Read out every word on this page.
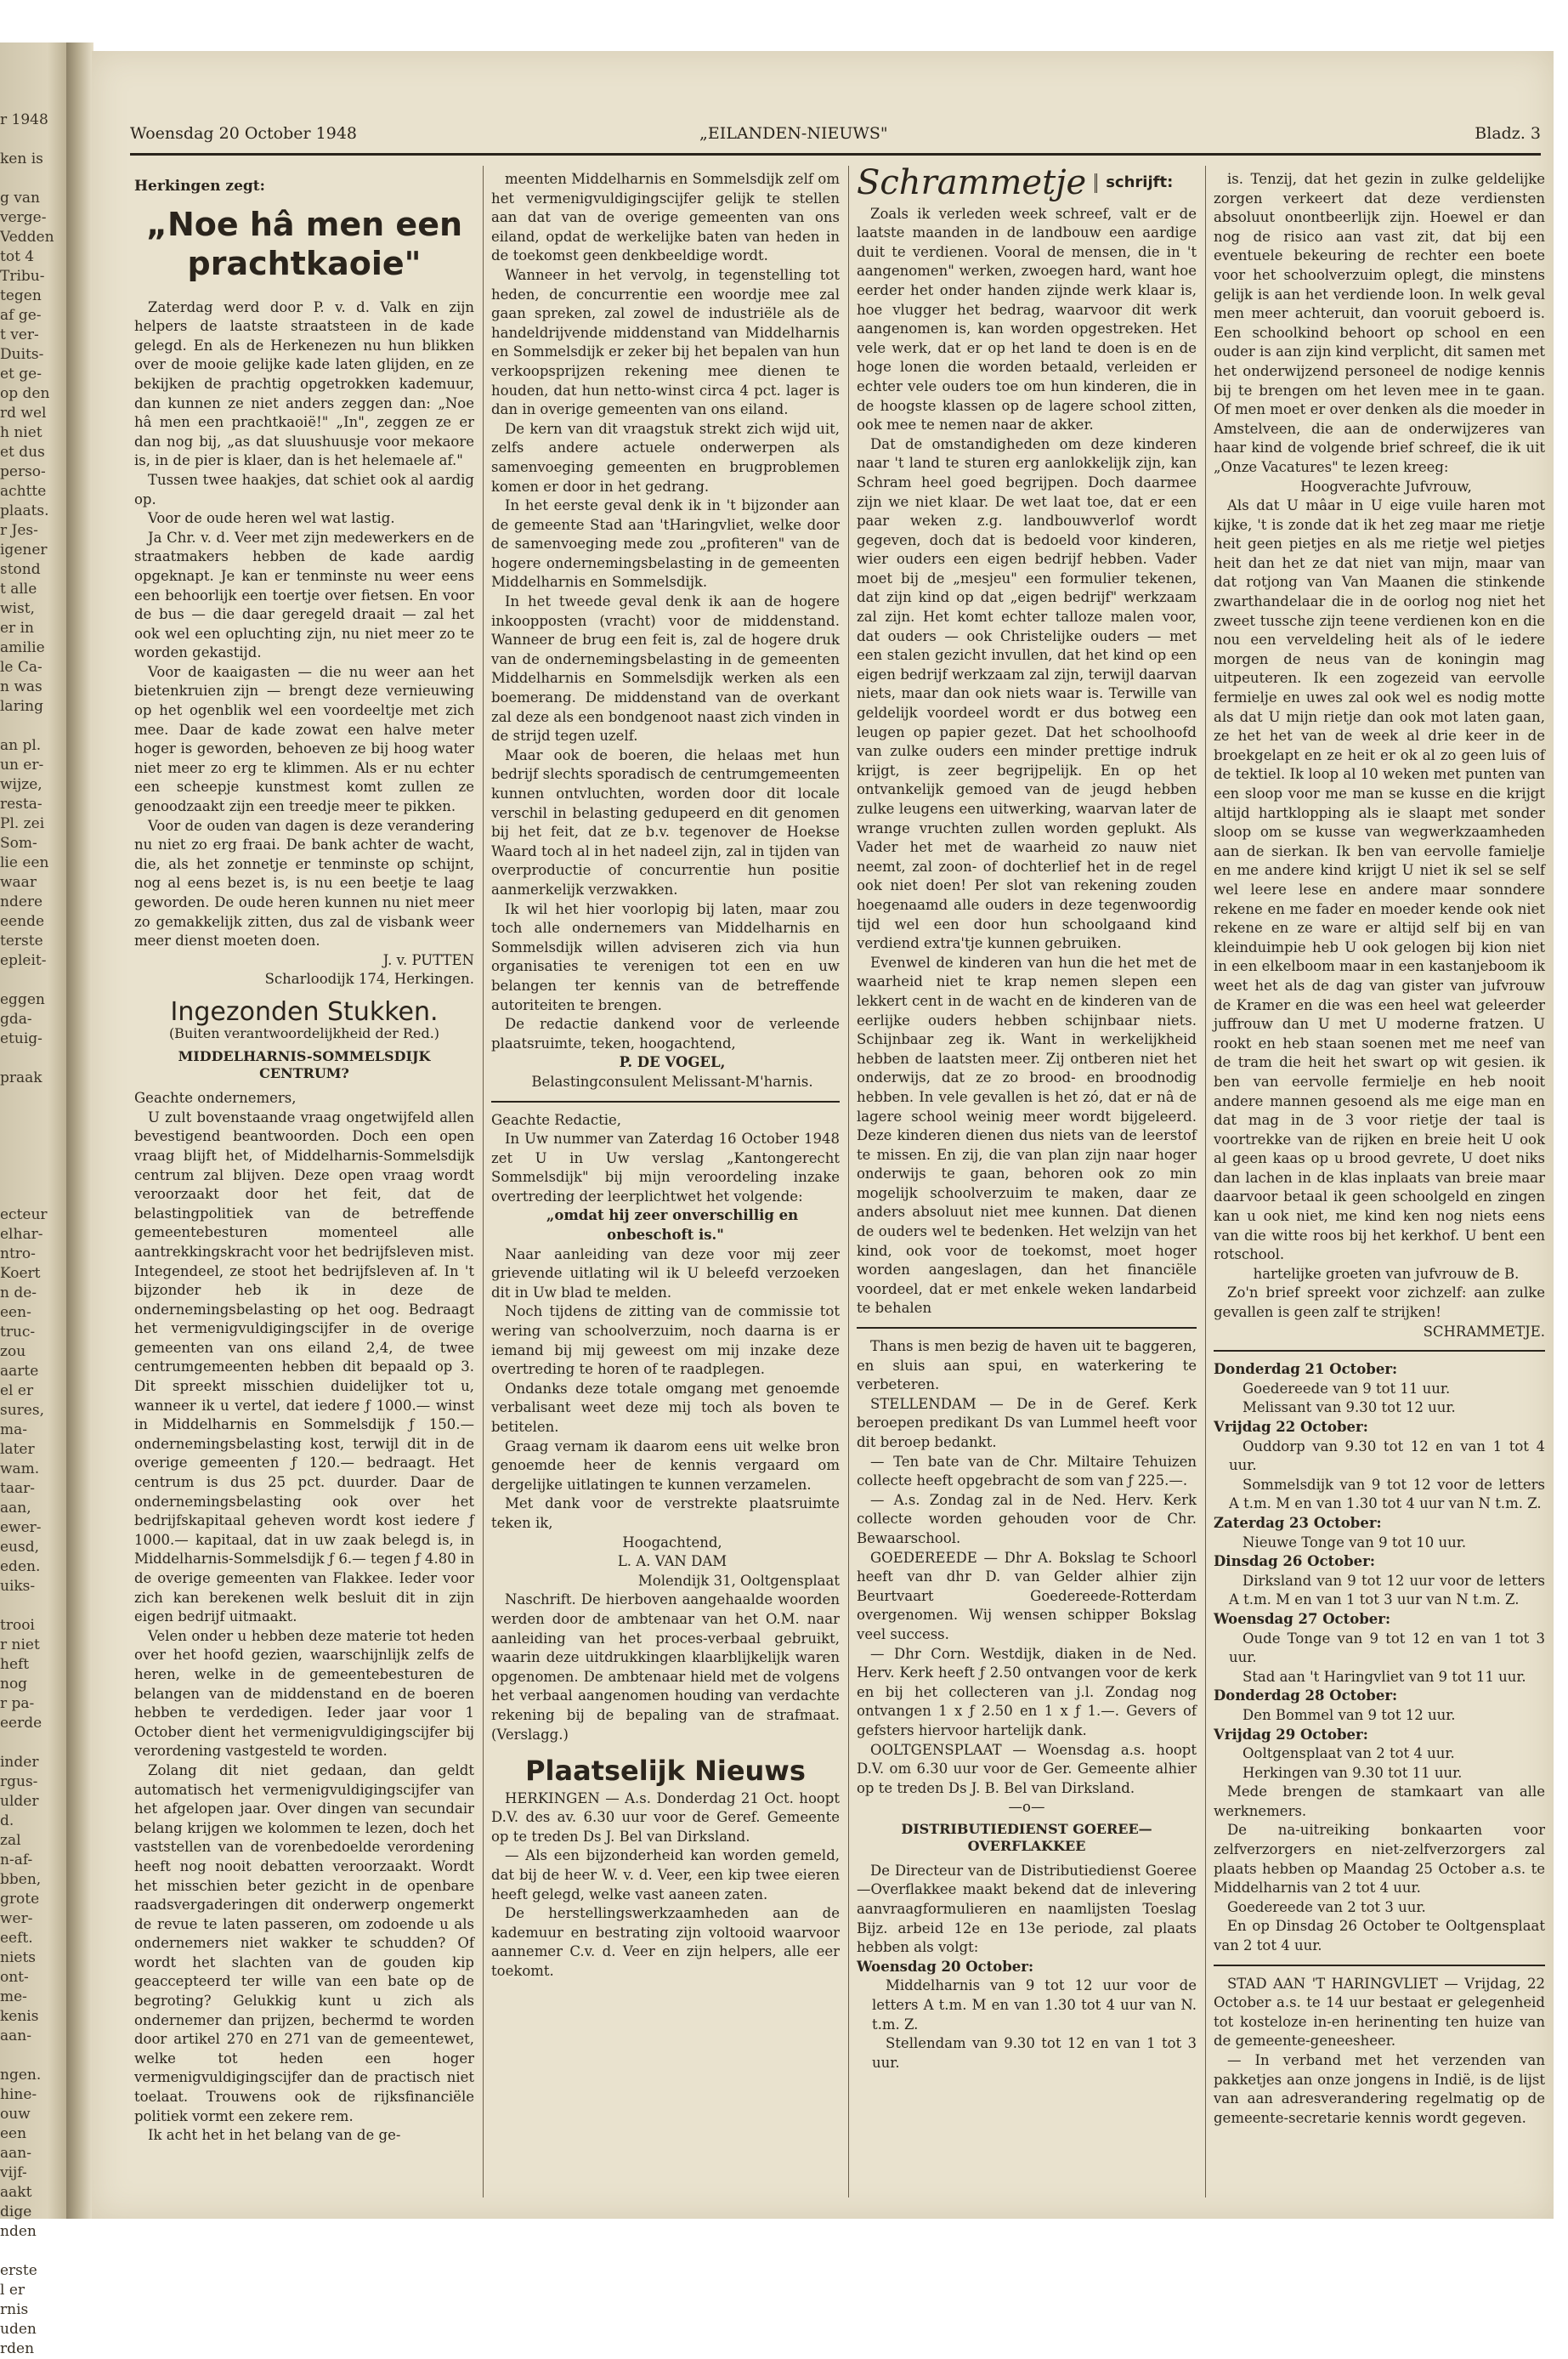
r 1948
ken is
g van
verge-
Vedden
tot 4
Tribu-
tegen
af ge-
t ver-
Duits-
et ge-
op den
rd wel
h niet
et dus
perso-
achtte
plaats.
r Jes-
igener
stond
t alle
wist,
er in
amilie
le Ca-
n was
laring
an pl.
un er-
wijze,
resta-
Pl. zei
Som-
lie een
waar
ndere
eende
terste
epleit-
eggen
gda-
etuig-
praak
ecteur
elhar-
ntro-
Koert
n de-
een-
truc-
zou
aarte
el er
sures,
ma-
later
wam.
taar-
aan,
ewer-
eusd,
eden.
uiks-
trooi
r niet
heft
nog
r pa-
eerde
inder
rgus-
ulder
d.
zal
n-af-
bben,
grote
wer-
eeft.
niets
ont-
me-
kenis
aan-
ngen.
hine-
ouw
een
aan-
vijf-
aakt
dige
nden
erste
l er
rnis
uden
rden
Woensdag 20 October 1948	„EILANDEN-NIEUWS"	Bladz. 3
Herkingen zegt:
„Noe hâ men een prachtkaoie"

Zaterdag werd door P. v. d. Valk en zijn helpers de laatste straatsteen in de kade gelegd. En als de Herkenezen nu hun blikken over de mooie gelijke kade laten glijden, en ze bekijken de prachtig opgetrokken kademuur, dan kunnen ze niet anders zeggen dan: „Noe hâ men een prachtkaoië!" „In", zeggen ze er dan nog bij, „as dat sluushuusje voor mekaore is, in de pier is klaer, dan is het helemaele af."

Tussen twee haakjes, dat schiet ook al aardig op.

Voor de oude heren wel wat lastig.

Ja Chr. v. d. Veer met zijn medewerkers en de straatmakers hebben de kade aardig opgeknapt. Je kan er tenminste nu weer eens een behoorlijk een toertje over fietsen. En voor de bus — die daar geregeld draait — zal het ook wel een opluchting zijn, nu niet meer zo te worden gekastijd.

Voor de kaaigasten — die nu weer aan het bietenkruien zijn — brengt deze vernieuwing op het ogenblik wel een voordeeltje met zich mee. Daar de kade zowat een halve meter hoger is geworden, behoeven ze bij hoog water niet meer zo erg te klimmen. Als er nu echter een scheepje kunstmest komt zullen ze genoodzaakt zijn een treedje meer te pikken.

Voor de ouden van dagen is deze verandering nu niet zo erg fraai. De bank achter de wacht, die, als het zonnetje er tenminste op schijnt, nog al eens bezet is, is nu een beetje te laag geworden. De oude heren kunnen nu niet meer zo gemakkelijk zitten, dus zal de visbank weer meer dienst moeten doen.

J. v. PUTTEN

Scharloodijk 174, Herkingen.

Ingezonden Stukken.
(Buiten verantwoordelijkheid der Red.)
MIDDELHARNIS-SOMMELSDIJK CENTRUM?

Geachte ondernemers,

U zult bovenstaande vraag ongetwijfeld allen bevestigend beantwoorden. Doch een open vraag blijft het, of Middelharnis-Sommelsdijk centrum zal blijven. Deze open vraag wordt veroorzaakt door het feit, dat de belastingpolitiek van de betreffende gemeentebesturen momenteel alle aantrekkingskracht voor het bedrijfsleven mist. Integendeel, ze stoot het bedrijfsleven af. In 't bijzonder heb ik in deze de ondernemingsbelasting op het oog. Bedraagt het vermenigvuldigingscijfer in de overige gemeenten van ons eiland 2,4, de twee centrumgemeenten hebben dit bepaald op 3. Dit spreekt misschien duidelijker tot u, wanneer ik u vertel, dat iedere ƒ 1000.— winst in Middelharnis en Sommelsdijk ƒ 150.— ondernemingsbelasting kost, terwijl dit in de overige gemeenten ƒ 120.— bedraagt. Het centrum is dus 25 pct. duurder. Daar de ondernemingsbelasting ook over het bedrijfskapitaal geheven wordt kost iedere ƒ 1000.— kapitaal, dat in uw zaak belegd is, in Middelharnis-Sommelsdijk ƒ 6.— tegen ƒ 4.80 in de overige gemeenten van Flakkee. Ieder voor zich kan berekenen welk besluit dit in zijn eigen bedrijf uitmaakt.

Velen onder u hebben deze materie tot heden over het hoofd gezien, waarschijnlijk zelfs de heren, welke in de gemeentebesturen de belangen van de middenstand en de boeren hebben te verdedigen. Ieder jaar voor 1 October dient het vermenigvuldigingscijfer bij verordening vastgesteld te worden.

Zolang dit niet gedaan, dan geldt automatisch het vermenigvuldigingscijfer van het afgelopen jaar. Over dingen van secundair belang krijgen we kolommen te lezen, doch het vaststellen van de vorenbedoelde verordening heeft nog nooit debatten veroorzaakt. Wordt het misschien beter gezicht in de openbare raadsvergaderingen dit onderwerp ongemerkt de revue te laten passeren, om zodoende u als ondernemers niet wakker te schudden? Of wordt het slachten van de gouden kip geaccepteerd ter wille van een bate op de begroting? Gelukkig kunt u zich als ondernemer dan prijzen, bechermd te worden door artikel 270 en 271 van de gemeentewet, welke tot heden een hoger vermenigvuldigingscijfer dan de practisch niet toelaat. Trouwens ook de rijksfinanciële politiek vormt een zekere rem.

Ik acht het in het belang van de ge-

meenten Middelharnis en Sommelsdijk zelf om het vermenigvuldigingscijfer gelijk te stellen aan dat van de overige gemeenten van ons eiland, opdat de werkelijke baten van heden in de toekomst geen denkbeeldige wordt.

Wanneer in het vervolg, in tegenstelling tot heden, de concurrentie een woordje mee zal gaan spreken, zal zowel de industriële als de handeldrijvende middenstand van Middelharnis en Sommelsdijk er zeker bij het bepalen van hun verkoopsprijzen rekening mee dienen te houden, dat hun netto-winst circa 4 pct. lager is dan in overige gemeenten van ons eiland.

De kern van dit vraagstuk strekt zich wijd uit, zelfs andere actuele onderwerpen als samenvoeging gemeenten en brugproblemen komen er door in het gedrang.

In het eerste geval denk ik in 't bijzonder aan de gemeente Stad aan 'tHaringvliet, welke door de samenvoeging mede zou „profiteren" van de hogere ondernemingsbelasting in de gemeenten Middelharnis en Sommelsdijk.

In het tweede geval denk ik aan de hogere inkoopposten (vracht) voor de middenstand. Wanneer de brug een feit is, zal de hogere druk van de ondernemingsbelasting in de gemeenten Middelharnis en Sommelsdijk werken als een boemerang. De middenstand van de overkant zal deze als een bondgenoot naast zich vinden in de strijd tegen uzelf.

Maar ook de boeren, die helaas met hun bedrijf slechts sporadisch de centrumgemeenten kunnen ontvluchten, worden door dit locale verschil in belasting gedupeerd en dit genomen bij het feit, dat ze b.v. tegenover de Hoekse Waard toch al in het nadeel zijn, zal in tijden van overproductie of concurrentie hun positie aanmerkelijk verzwakken.

Ik wil het hier voorlopig bij laten, maar zou toch alle ondernemers van Middelharnis en Sommelsdijk willen adviseren zich via hun organisaties te verenigen tot een en uw belangen ter kennis van de betreffende autoriteiten te brengen.

De redactie dankend voor de verleende plaatsruimte, teken, hoogachtend,

P. DE VOGEL,

Belastingconsulent Melissant-M'harnis.

Geachte Redactie,

In Uw nummer van Zaterdag 16 October 1948 zet U in Uw verslag „Kantongerecht Sommelsdijk" bij mijn veroordeling inzake overtreding der leerplichtwet het volgende:

„omdat hij zeer onverschillig en onbeschoft is."

Naar aanleiding van deze voor mij zeer grievende uitlating wil ik U beleefd verzoeken dit in Uw blad te melden.

Noch tijdens de zitting van de commissie tot wering van schoolverzuim, noch daarna is er iemand bij mij geweest om mij inzake deze overtreding te horen of te raadplegen.

Ondanks deze totale omgang met genoemde verbalisant weet deze mij toch als boven te betitelen.

Graag vernam ik daarom eens uit welke bron genoemde heer de kennis vergaard om dergelijke uitlatingen te kunnen verzamelen.

Met dank voor de verstrekte plaatsruimte teken ik,

Hoogachtend,

L. A. VAN DAM

Molendijk 31, Ooltgensplaat

Naschrift. De hierboven aangehaalde woorden werden door de ambtenaar van het O.M. naar aanleiding van het proces-verbaal gebruikt, waarin deze uitdrukkingen klaarblijkelijk waren opgenomen. De ambtenaar hield met de volgens het verbaal aangenomen houding van verdachte rekening bij de bepaling van de strafmaat. (Verslagg.)

Plaatselijk Nieuws

HERKINGEN — A.s. Donderdag 21 Oct. hoopt D.V. des av. 6.30 uur voor de Geref. Gemeente op te treden Ds J. Bel van Dirksland.

— Als een bijzonderheid kan worden gemeld, dat bij de heer W. v. d. Veer, een kip twee eieren heeft gelegd, welke vast aaneen zaten.

De herstellingswerkzaamheden aan de kademuur en bestrating zijn voltooid waarvoor aannemer C.v. d. Veer en zijn helpers, alle eer toekomt.

Schrammetje	schrijft:

Zoals ik verleden week schreef, valt er de laatste maanden in de landbouw een aardige duit te verdienen. Vooral de mensen, die in 't aangenomen" werken, zwoegen hard, want hoe eerder het onder handen zijnde werk klaar is, hoe vlugger het bedrag, waarvoor dit werk aangenomen is, kan worden opgestreken. Het vele werk, dat er op het land te doen is en de hoge lonen die worden betaald, verleiden er echter vele ouders toe om hun kinderen, die in de hoogste klassen op de lagere school zitten, ook mee te nemen naar de akker.

Dat de omstandigheden om deze kinderen naar 't land te sturen erg aanlokkelijk zijn, kan Schram heel goed begrijpen. Doch daarmee zijn we niet klaar. De wet laat toe, dat er een paar weken z.g. landbouwverlof wordt gegeven, doch dat is bedoeld voor kinderen, wier ouders een eigen bedrijf hebben. Vader moet bij de „mesjeu" een formulier tekenen, dat zijn kind op dat „eigen bedrijf" werkzaam zal zijn. Het komt echter talloze malen voor, dat ouders — ook Christelijke ouders — met een stalen gezicht invullen, dat het kind op een eigen bedrijf werkzaam zal zijn, terwijl daarvan niets, maar dan ook niets waar is. Terwille van geldelijk voordeel wordt er dus botweg een leugen op papier gezet. Dat het schoolhoofd van zulke ouders een minder prettige indruk krijgt, is zeer begrijpelijk. En op het ontvankelijk gemoed van de jeugd hebben zulke leugens een uitwerking, waarvan later de wrange vruchten zullen worden geplukt. Als Vader het met de waarheid zo nauw niet neemt, zal zoon- of dochterlief het in de regel ook niet doen! Per slot van rekening zouden hoegenaamd alle ouders in deze tegenwoordig tijd wel een door hun schoolgaand kind verdiend extra'tje kunnen gebruiken.

Evenwel de kinderen van hun die het met de waarheid niet te krap nemen slepen een lekkert cent in de wacht en de kinderen van de eerlijke ouders hebben schijnbaar niets. Schijnbaar zeg ik. Want in werkelijkheid hebben de laatsten meer. Zij ontberen niet het onderwijs, dat ze zo brood- en broodnodig hebben. In vele gevallen is het zó, dat er nâ de lagere school weinig meer wordt bijgeleerd. Deze kinderen dienen dus niets van de leerstof te missen. En zij, die van plan zijn naar hoger onderwijs te gaan, behoren ook zo min mogelijk schoolverzuim te maken, daar ze anders absoluut niet mee kunnen. Dat dienen de ouders wel te bedenken. Het welzijn van het kind, ook voor de toekomst, moet hoger worden aangeslagen, dan het financiële voordeel, dat er met enkele weken landarbeid te behalen

Thans is men bezig de haven uit te baggeren, en sluis aan spui, en waterkering te verbeteren.

STELLENDAM — De in de Geref. Kerk beroepen predikant Ds van Lummel heeft voor dit beroep bedankt.

— Ten bate van de Chr. Miltaire Tehuizen collecte heeft opgebracht de som van ƒ 225.—.

— A.s. Zondag zal in de Ned. Herv. Kerk collecte worden gehouden voor de Chr. Bewaarschool.

GOEDEREEDE — Dhr A. Bokslag te Schoorl heeft van dhr D. van Gelder alhier zijn Beurtvaart Goedereede-Rotterdam overgenomen. Wij wensen schipper Bokslag veel success.

— Dhr Corn. Westdijk, diaken in de Ned. Herv. Kerk heeft ƒ 2.50 ontvangen voor de kerk en bij het collecteren van j.l. Zondag nog ontvangen 1 x ƒ 2.50 en 1 x ƒ 1.—. Gevers of gefsters hiervoor hartelijk dank.

OOLTGENSPLAAT — Woensdag a.s. hoopt D.V. om 6.30 uur voor de Ger. Gemeente alhier op te treden Ds J. B. Bel van Dirksland.

—o—
DISTRIBUTIEDIENST GOEREE—OVERFLAKKEE

De Directeur van de Distributiedienst Goeree—Overflakkee maakt bekend dat de inlevering aanvraagformulieren en naamlijsten Toeslag Bijz. arbeid 12e en 13e periode, zal plaats hebben als volgt:

Woensdag 20 October:

Middelharnis van 9 tot 12 uur voor de letters A t.m. M en van 1.30 tot 4 uur van N. t.m. Z.

Stellendam van 9.30 tot 12 en van 1 tot 3 uur.

is. Tenzij, dat het gezin in zulke geldelijke zorgen verkeert dat deze verdiensten absoluut onontbeerlijk zijn. Hoewel er dan nog de risico aan vast zit, dat bij een eventuele bekeuring de rechter een boete voor het schoolverzuim oplegt, die minstens gelijk is aan het verdiende loon. In welk geval men meer achteruit, dan vooruit geboerd is. Een schoolkind behoort op school en een ouder is aan zijn kind verplicht, dit samen met het onderwijzend personeel de nodige kennis bij te brengen om het leven mee in te gaan. Of men moet er over denken als die moeder in Amstelveen, die aan de onderwijzeres van haar kind de volgende brief schreef, die ik uit „Onze Vacatures" te lezen kreeg:

Hoogverachte Jufvrouw,

Als dat U mâar in U eige vuile haren mot kijke, 't is zonde dat ik het zeg maar me rietje heit geen pietjes en als me rietje wel pietjes heit dan het ze dat niet van mijn, maar van dat rotjong van Van Maanen die stinkende zwarthandelaar die in de oorlog nog niet het zweet tussche zijn teene verdienen kon en die nou een verveldeling heit als of le iedere morgen de neus van de koningin mag uitpeuteren. Ik een zogezeid van eervolle fermielje en uwes zal ook wel es nodig motte als dat U mijn rietje dan ook mot laten gaan, ze het het van de week al drie keer in de broekgelapt en ze heit er ok al zo geen luis of de tektiel. Ik loop al 10 weken met punten van een sloop voor me man se kusse en die krijgt altijd hartklopping als ie slaapt met sonder sloop om se kusse van wegwerkzaamheden aan de sierkan. Ik ben van eervolle famielje en me andere kind krijgt U niet ik sel se self wel leere lese en andere maar sonndere rekene en me fader en moeder kende ook niet rekene en ze ware er altijd self bij en van kleinduimpie heb U ook gelogen bij kion niet in een elkelboom maar in een kastanjeboom ik weet het als de dag van gister van jufvrouw de Kramer en die was een heel wat geleerder juffrouw dan U met U moderne fratzen. U rookt en heb staan soenen met me neef van de tram die heit het swart op wit gesien. ik ben van eervolle fermielje en heb nooit andere mannen gesoend als me eige man en dat mag in de 3 voor rietje der taal is voortrekke van de rijken en breie heit U ook al geen kaas op u brood gevrete, U doet niks dan lachen in de klas inplaats van breie maar daarvoor betaal ik geen schoolgeld en zingen kan u ook niet, me kind ken nog niets eens van die witte roos bij het kerkhof. U bent een rotschool.

hartelijke groeten van jufvrouw de B.

Zo'n brief spreekt voor zichzelf: aan zulke gevallen is geen zalf te strijken!

SCHRAMMETJE.

Donderdag 21 October:

Goedereede van 9 tot 11 uur.

Melissant van 9.30 tot 12 uur.

Vrijdag 22 October:

Ouddorp van 9.30 tot 12 en van 1 tot 4 uur.

Sommelsdijk van 9 tot 12 voor de letters A t.m. M en van 1.30 tot 4 uur van N t.m. Z.

Zaterdag 23 October:

Nieuwe Tonge van 9 tot 10 uur.

Dinsdag 26 October:

Dirksland van 9 tot 12 uur voor de letters A t.m. M en van 1 tot 3 uur van N t.m. Z.

Woensdag 27 October:

Oude Tonge van 9 tot 12 en van 1 tot 3 uur.

Stad aan 't Haringvliet van 9 tot 11 uur.

Donderdag 28 October:

Den Bommel van 9 tot 12 uur.

Vrijdag 29 October:

Ooltgensplaat van 2 tot 4 uur.

Herkingen van 9.30 tot 11 uur.

Mede brengen de stamkaart van alle werknemers.

De na-uitreiking bonkaarten voor zelfverzorgers en niet-zelfverzorgers zal plaats hebben op Maandag 25 October a.s. te Middelharnis van 2 tot 4 uur.

Goedereede van 2 tot 3 uur.

En op Dinsdag 26 October te Ooltgensplaat van 2 tot 4 uur.

STAD AAN 'T HARINGVLIET — Vrijdag, 22 October a.s. te 14 uur bestaat er gelegenheid tot kosteloze in-en herinenting ten huize van de gemeente-geneesheer.

— In verband met het verzenden van pakketjes aan onze jongens in Indië, is de lijst van aan adresverandering regelmatig op de gemeente-secretarie kennis wordt gegeven.
